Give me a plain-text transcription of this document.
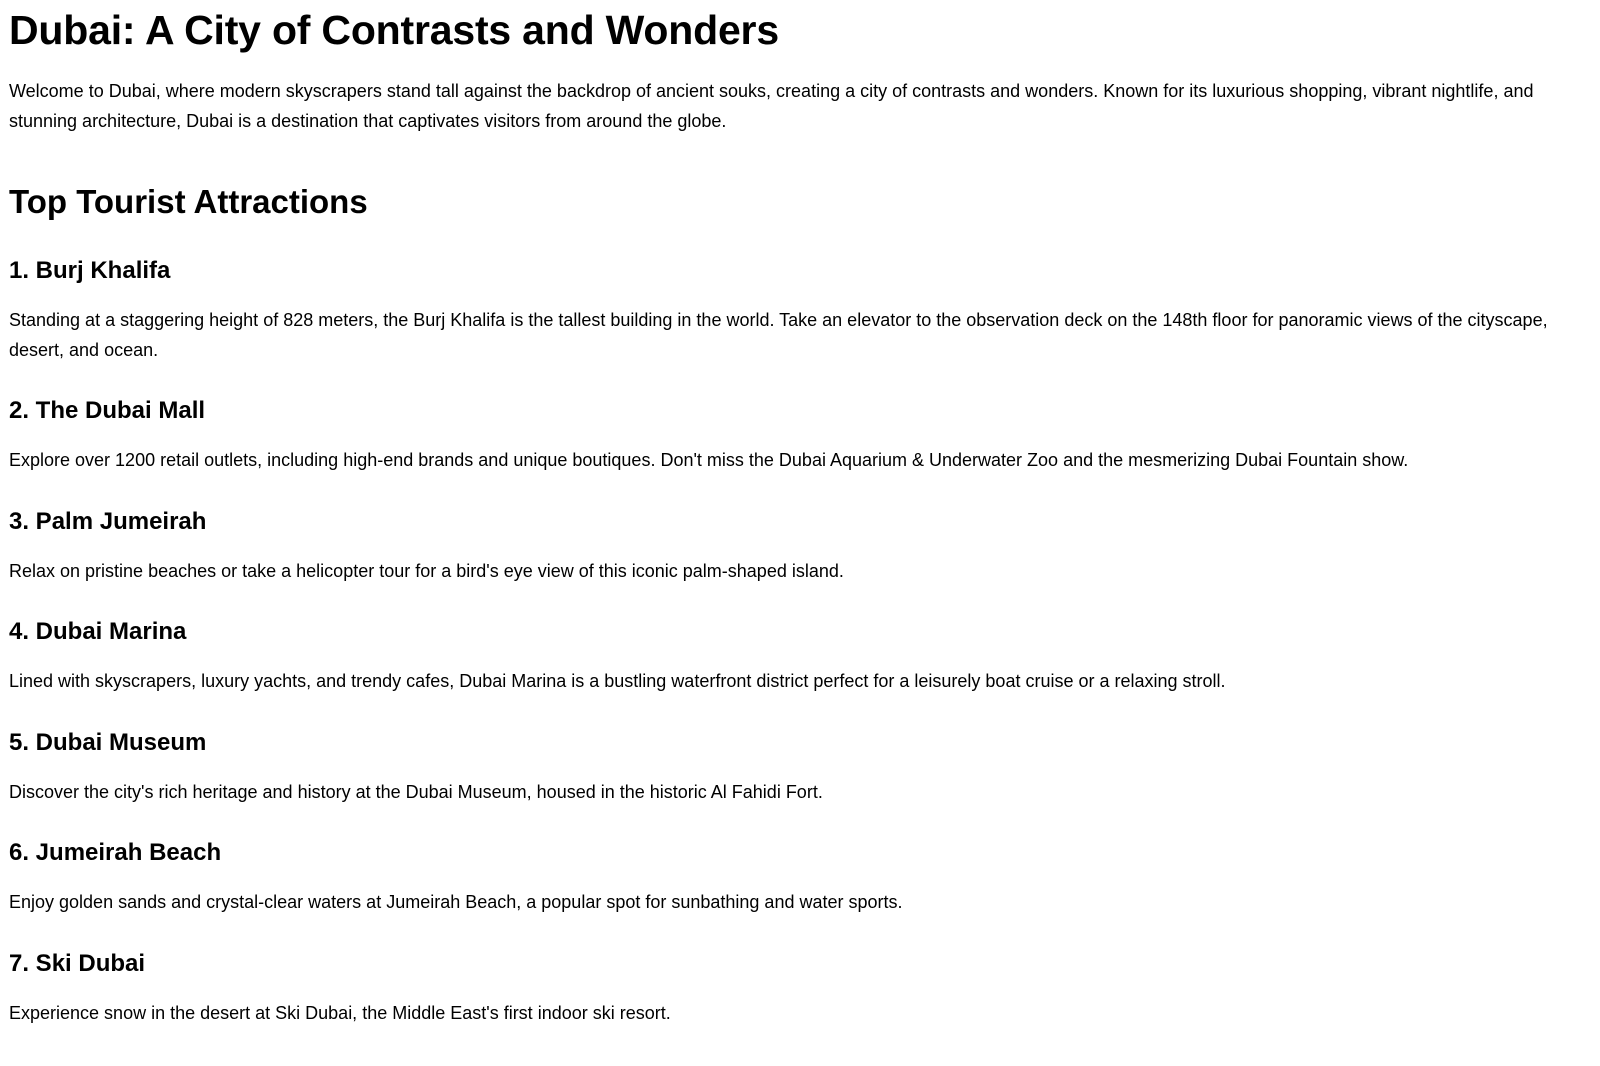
Dubai: A City of Contrasts and Wonders

Welcome to Dubai, where modern skyscrapers stand tall against the backdrop of ancient souks, creating a city of contrasts and wonders. Known for its luxurious shopping, vibrant nightlife, and stunning architecture, Dubai is a destination that captivates visitors from around the globe.

Top Tourist Attractions
1. Burj Khalifa

Standing at a staggering height of 828 meters, the Burj Khalifa is the tallest building in the world. Take an elevator to the observation deck on the 148th floor for panoramic views of the cityscape, desert, and ocean.

2. The Dubai Mall

Explore over 1200 retail outlets, including high-end brands and unique boutiques. Don't miss the Dubai Aquarium & Underwater Zoo and the mesmerizing Dubai Fountain show.

3. Palm Jumeirah

Relax on pristine beaches or take a helicopter tour for a bird's eye view of this iconic palm-shaped island.

4. Dubai Marina

Lined with skyscrapers, luxury yachts, and trendy cafes, Dubai Marina is a bustling waterfront district perfect for a leisurely boat cruise or a relaxing stroll.

5. Dubai Museum

Discover the city's rich heritage and history at the Dubai Museum, housed in the historic Al Fahidi Fort.

6. Jumeirah Beach

Enjoy golden sands and crystal-clear waters at Jumeirah Beach, a popular spot for sunbathing and water sports.

7. Ski Dubai

Experience snow in the desert at Ski Dubai, the Middle East's first indoor ski resort.
